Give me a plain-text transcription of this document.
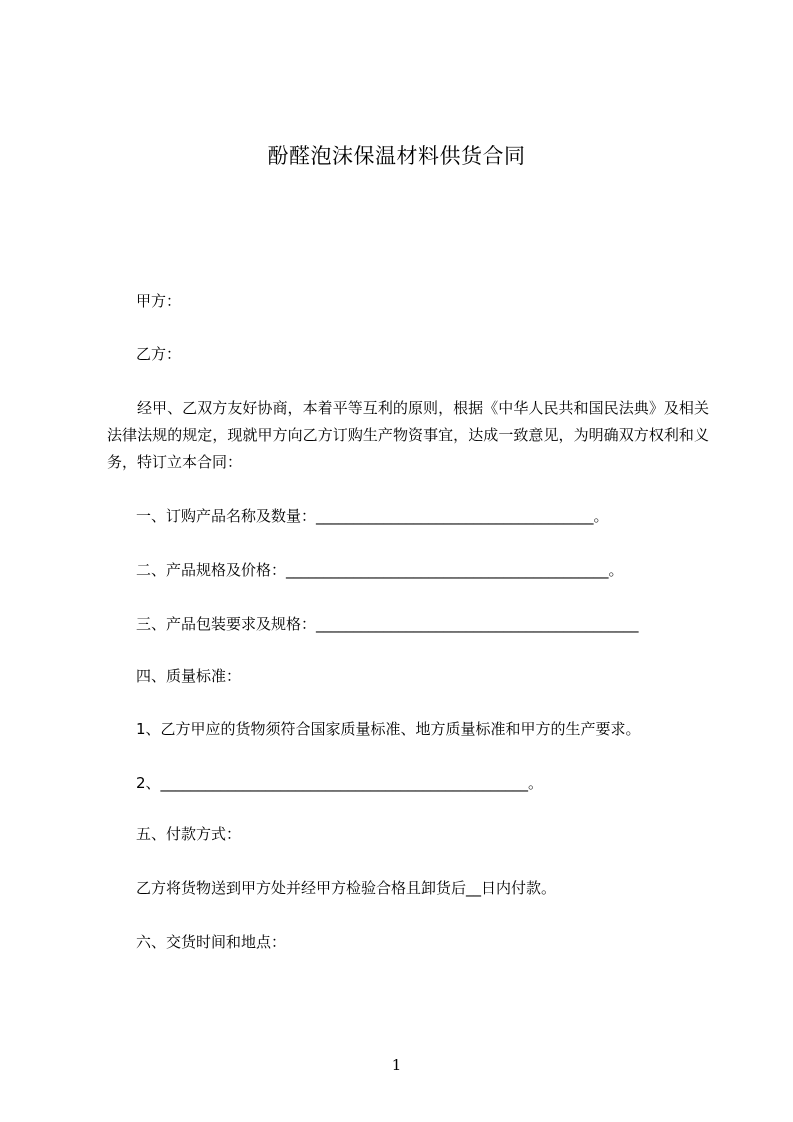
酚醛泡沫保温材料供货合同

甲方：

乙方：

经甲、乙双方友好协商，本着平等互利的原则，根据《中华人民共和国民法典》及相关法律法规的规定，现就甲方向乙方订购生产物资事宜，达成一致意见，为明确双方权利和义务，特订立本合同：

一、订购产品名称及数量：_____________________________________。

二、产品规格及价格：___________________________________________。

三、产品包装要求及规格：___________________________________________

四、质量标准：

1、乙方甲应的货物须符合国家质量标准、地方质量标准和甲方的生产要求。

2、_________________________________________________。

五、付款方式：

乙方将货物送到甲方处并经甲方检验合格且卸货后__日内付款。

六、交货时间和地点：

1
